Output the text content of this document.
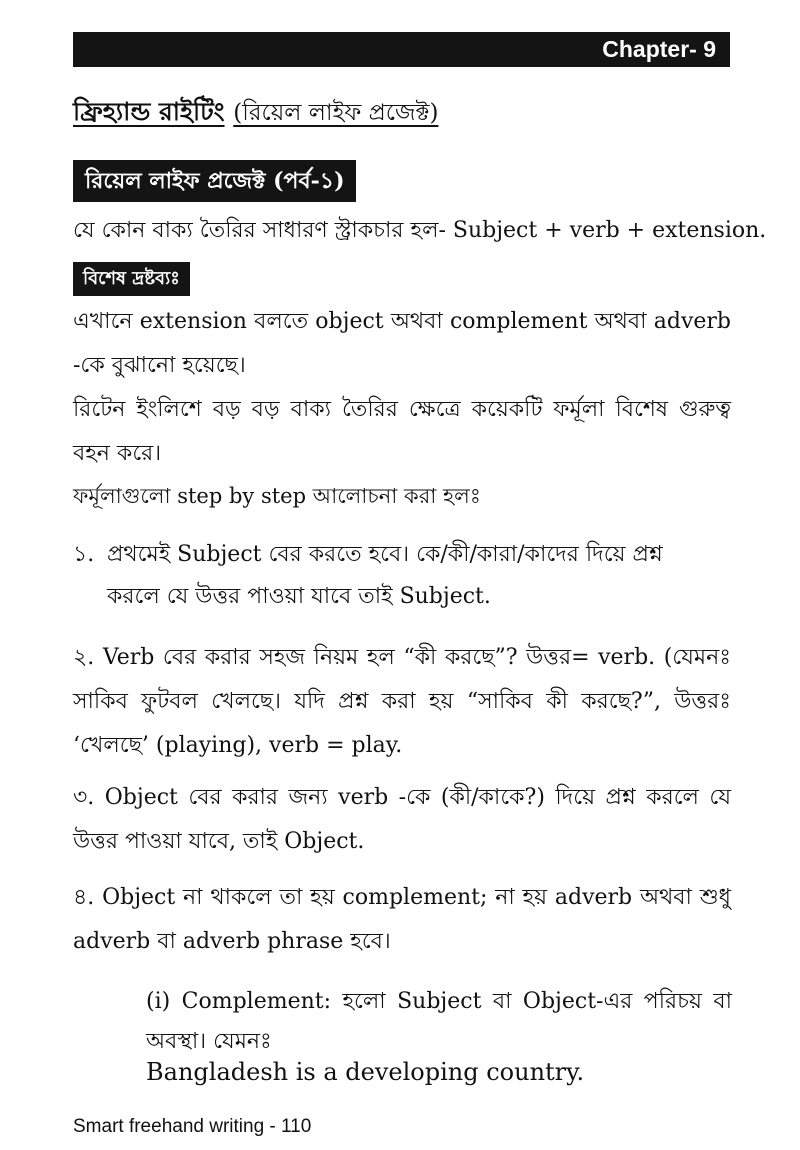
Chapter- 9
ফ্রিহ্যান্ড রাইটিং (রিয়েল লাইফ প্রজেক্ট)
রিয়েল লাইফ প্রজেক্ট (পর্ব-১)

যে কোন বাক্য তৈরির সাধারণ স্ট্রাকচার হল- Subject + verb + extension.

বিশেষ দ্রষ্টব্যঃ

এখানে extension বলতে object অথবা complement অথবা adverb -কে বুঝানো হয়েছে।

রিটেন ইংলিশে বড় বড় বাক্য তৈরির ক্ষেত্রে কয়েকটি ফর্মূলা বিশেষ গুরুত্ব বহন করে।

ফর্মূলাগুলো step by step আলোচনা করা হলঃ
১. প্রথমেই Subject বের করতে হবে। কে/কী/কারা/কাদের দিয়ে প্রশ্ন
করলে যে উত্তর পাওয়া যাবে তাই Subject.

২. Verb বের করার সহজ নিয়ম হল “কী করছে”? উত্তর= verb. (যেমনঃ সাকিব ফুটবল খেলছে। যদি প্রশ্ন করা হয় “সাকিব কী করছে?”, উত্তরঃ ‘খেলছে’ (playing), verb = play.

৩. Object বের করার জন্য verb -কে (কী/কাকে?) দিয়ে প্রশ্ন করলে যে উত্তর পাওয়া যাবে, তাই Object.

৪. Object না থাকলে তা হয় complement; না হয় adverb অথবা শুধু adverb বা adverb phrase হবে।

(i) Complement: হলো Subject বা Object-এর পরিচয় বা অবস্থা। যেমনঃ
Bangladesh is a developing country.
Smart freehand writing - 110
